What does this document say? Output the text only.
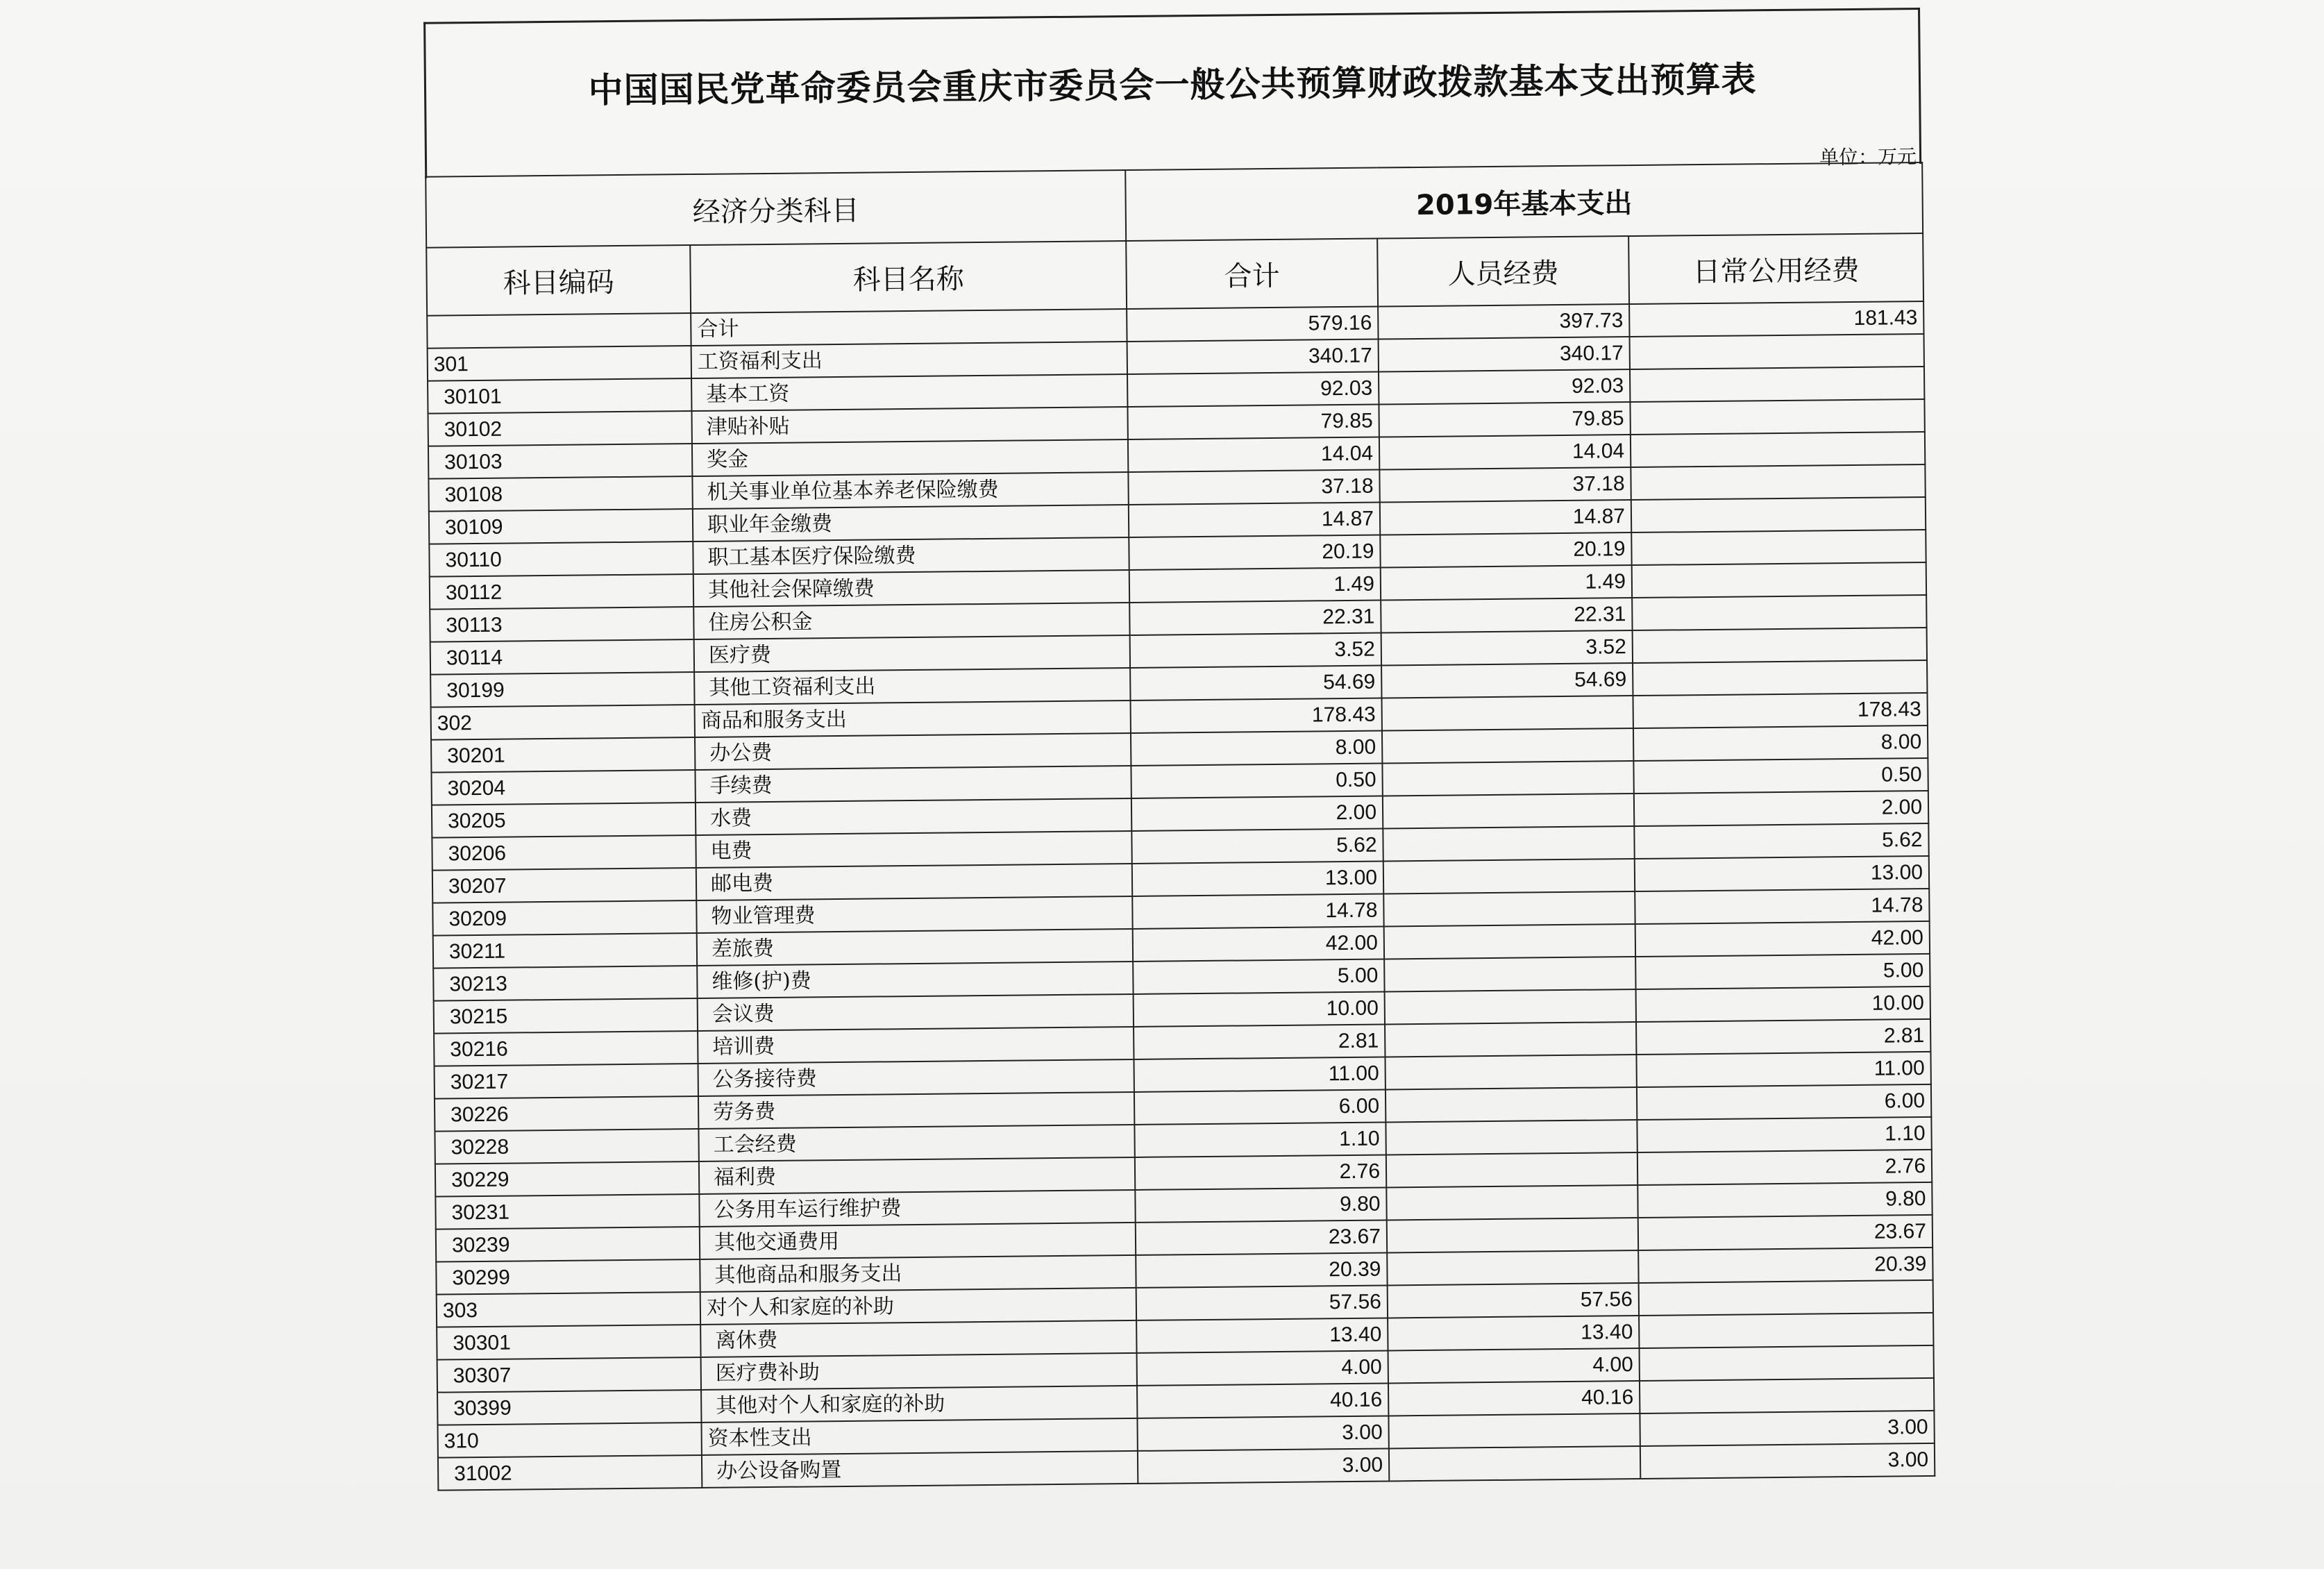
中国国民党革命委员会重庆市委员会一般公共预算财政拨款基本支出预算表
单位：万元
经济分类科目		2019年基本支出		
科目编码	科目名称	合计	人员经费	日常公用经费
	合计	579.16	397.73	181.43
301	工资福利支出	340.17	340.17	
30101	基本工资	92.03	92.03	
30102	津贴补贴	79.85	79.85	
30103	奖金	14.04	14.04	
30108	机关事业单位基本养老保险缴费	37.18	37.18	
30109	职业年金缴费	14.87	14.87	
30110	职工基本医疗保险缴费	20.19	20.19	
30112	其他社会保障缴费	1.49	1.49	
30113	住房公积金	22.31	22.31	
30114	医疗费	3.52	3.52	
30199	其他工资福利支出	54.69	54.69	
302	商品和服务支出	178.43		178.43
30201	办公费	8.00		8.00
30204	手续费	0.50		0.50
30205	水费	2.00		2.00
30206	电费	5.62		5.62
30207	邮电费	13.00		13.00
30209	物业管理费	14.78		14.78
30211	差旅费	42.00		42.00
30213	维修(护)费	5.00		5.00
30215	会议费	10.00		10.00
30216	培训费	2.81		2.81
30217	公务接待费	11.00		11.00
30226	劳务费	6.00		6.00
30228	工会经费	1.10		1.10
30229	福利费	2.76		2.76
30231	公务用车运行维护费	9.80		9.80
30239	其他交通费用	23.67		23.67
30299	其他商品和服务支出	20.39		20.39
303	对个人和家庭的补助	57.56	57.56	
30301	离休费	13.40	13.40	
30307	医疗费补助	4.00	4.00	
30399	其他对个人和家庭的补助	40.16	40.16	
310	资本性支出	3.00		3.00
31002	办公设备购置	3.00		3.00
